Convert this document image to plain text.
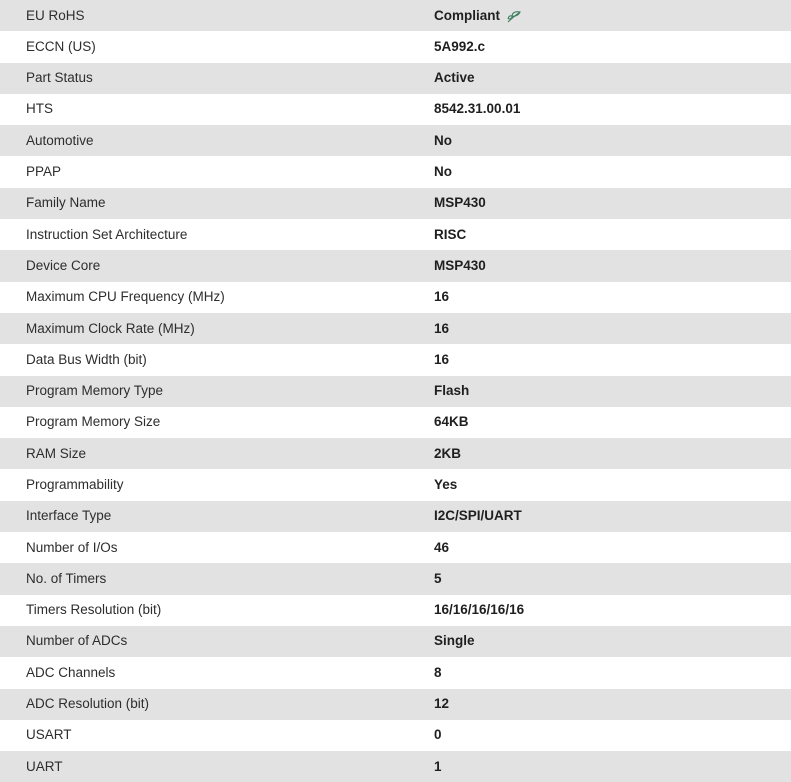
EU RoHS	Compliant

ECCN (US)	5A992.c

Part Status	Active

HTS	8542.31.00.01

Automotive	No

PPAP	No

Family Name	MSP430

Instruction Set Architecture	RISC

Device Core	MSP430

Maximum CPU Frequency (MHz)	16

Maximum Clock Rate (MHz)	16

Data Bus Width (bit)	16

Program Memory Type	Flash

Program Memory Size	64KB

RAM Size	2KB

Programmability	Yes

Interface Type	I2C/SPI/UART

Number of I/Os	46

No. of Timers	5

Timers Resolution (bit)	16/16/16/16/16

Number of ADCs	Single

ADC Channels	8

ADC Resolution (bit)	12

USART	0

UART	1
